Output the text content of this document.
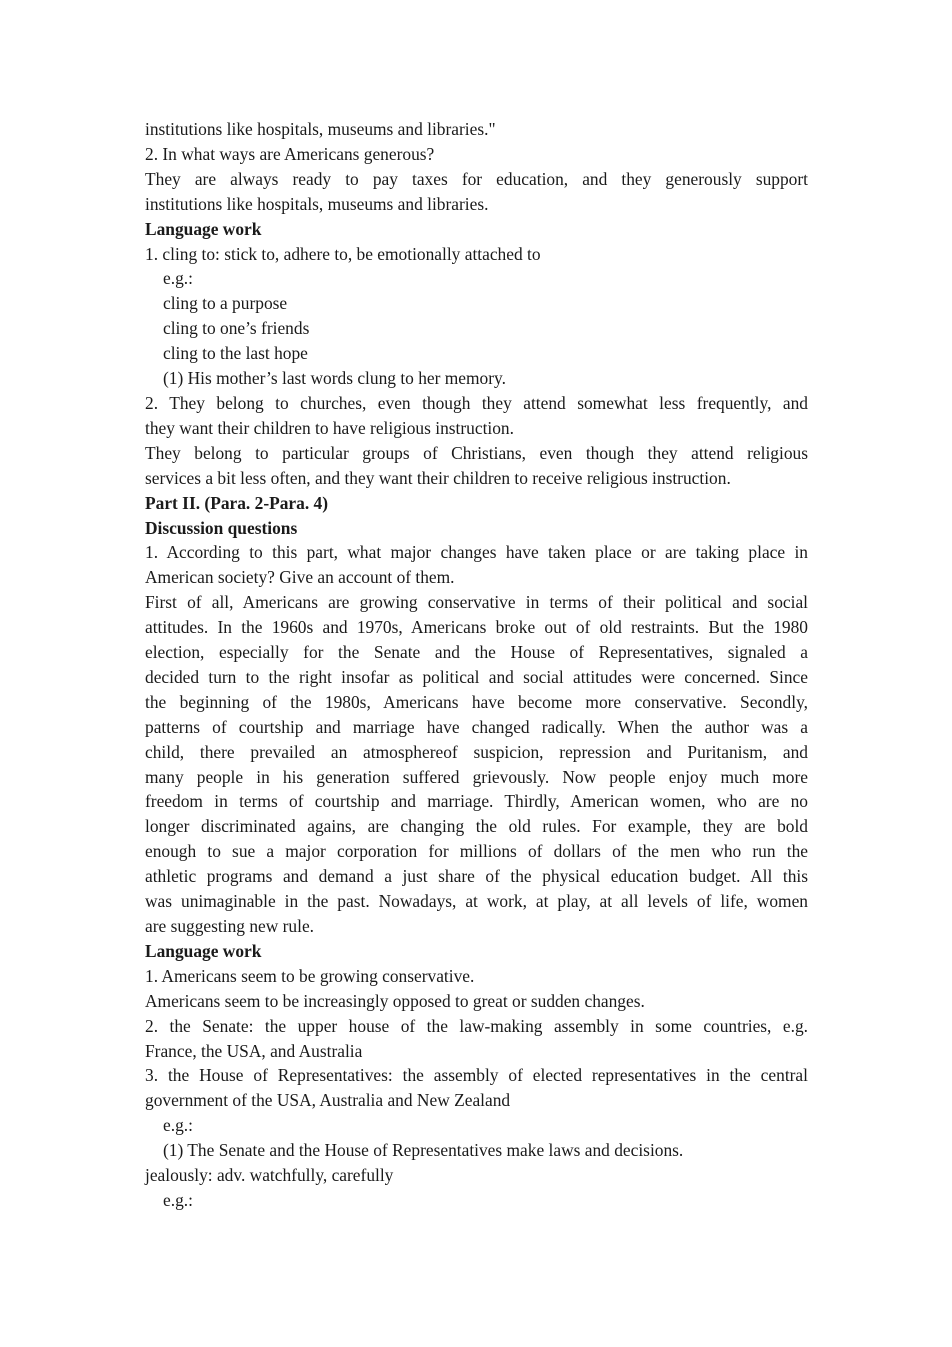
institutions like hospitals, museums and libraries."
2. In what ways are Americans generous?
They are always ready to pay taxes for education, and they generously support
institutions like hospitals, museums and libraries.
Language work
1. cling to: stick to, adhere to, be emotionally attached to
e.g.:
cling to a purpose
cling to one’s friends
cling to the last hope
(1) His mother’s last words clung to her memory.
2. They belong to churches, even though they attend somewhat less frequently, and
they want their children to have religious instruction.
They belong to particular groups of Christians, even though they attend religious
services a bit less often, and they want their children to receive religious instruction.
Part II. (Para. 2-Para. 4)
Discussion questions
1. According to this part, what major changes have taken place or are taking place in
American society? Give an account of them.
First of all, Americans are growing conservative in terms of their political and social
attitudes. In the 1960s and 1970s, Americans broke out of old restraints. But the 1980
election, especially for the Senate and the House of Representatives, signaled a
decided turn to the right insofar as political and social attitudes were concerned. Since
the beginning of the 1980s, Americans have become more conservative. Secondly,
patterns of courtship and marriage have changed radically. When the author was a
child, there prevailed an atmosphereof suspicion, repression and Puritanism, and
many people in his generation suffered grievously. Now people enjoy much more
freedom in terms of courtship and marriage. Thirdly, American women, who are no
longer discriminated agains, are changing the old rules. For example, they are bold
enough to sue a major corporation for millions of dollars of the men who run the
athletic programs and demand a just share of the physical education budget. All this
was unimaginable in the past. Nowadays, at work, at play, at all levels of life, women
are suggesting new rule.
Language work
1. Americans seem to be growing conservative.
Americans seem to be increasingly opposed to great or sudden changes.
2. the Senate: the upper house of the law-making assembly in some countries, e.g.
France, the USA, and Australia
3. the House of Representatives: the assembly of elected representatives in the central
government of the USA, Australia and New Zealand
e.g.:
(1) The Senate and the House of Representatives make laws and decisions.
jealously: adv. watchfully, carefully
e.g.:
